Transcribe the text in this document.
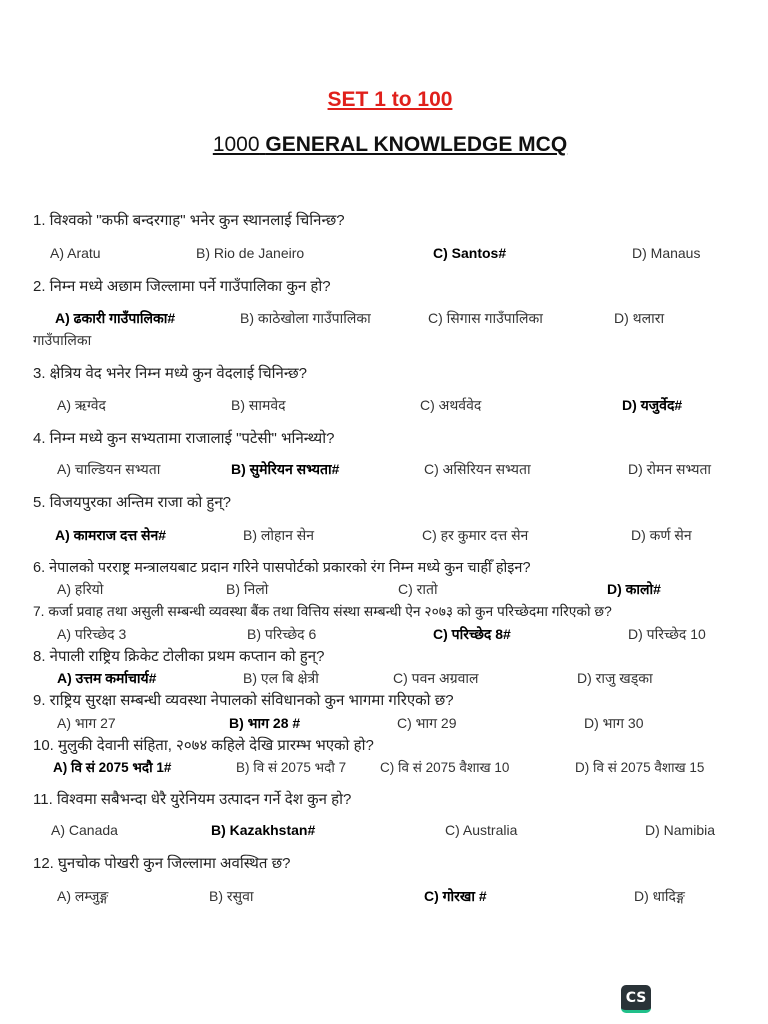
SET 1 to 100
1000 GENERAL KNOWLEDGE MCQ
1. विश्वको "कफी बन्दरगाह" भनेर कुन स्थानलाई चिनिन्छ?
A) Aratu	B) Rio de Janeiro	C) Santos#	D) Manaus
2. निम्न मध्ये अछाम जिल्लामा पर्ने गाउँपालिका कुन हो?
A) ढकारी गाउँपालिका#	B) काठेखोला गाउँपालिका	C) सिगास गाउँपालिका	D) थलारा
गाउँपालिका
3. क्षेत्रिय वेद भनेर निम्न मध्ये कुन वेदलाई चिनिन्छ?
A) ऋग्वेद	B) सामवेद	C) अथर्ववेद	D) यजुर्वेद#
4. निम्न मध्ये कुन सभ्यतामा राजालाई "पटेसी" भनिन्थ्यो?
A) चाल्डियन सभ्यता	B) सुमेरियन सभ्यता#	C) असिरियन सभ्यता	D) रोमन सभ्यता
5. विजयपुरका अन्तिम राजा को हुन्?
A) कामराज दत्त सेन#	B) लोहान सेन	C) हर कुमार दत्त सेन	D) कर्ण सेन
6. नेपालको परराष्ट्र मन्त्रालयबाट प्रदान गरिने पासपोर्टको प्रकारको रंग निम्न मध्ये कुन चाहीँ होइन?
A) हरियो	B) निलो	C) रातो	D) कालो#
7. कर्जा प्रवाह तथा असुली सम्बन्धी व्यवस्था बैंक तथा वित्तिय संस्था सम्बन्धी ऐन २०७३ को कुन परिच्छेदमा गरिएको छ?
A) परिच्छेद 3	B) परिच्छेद 6	C) परिच्छेद 8#	D) परिच्छेद 10
8. नेपाली राष्ट्रिय क्रिकेट टोलीका प्रथम कप्तान को हुन्?
A) उत्तम कर्माचार्य#	B) एल बि क्षेत्री	C) पवन अग्रवाल	D) राजु खड्का
9. राष्ट्रिय सुरक्षा सम्बन्धी व्यवस्था नेपालको संविधानको कुन भागमा गरिएको छ?
A) भाग 27	B) भाग 28 #	C) भाग 29	D) भाग 30
10. मुलुकी देवानी संहिता, २०७४ कहिले देखि प्रारम्भ भएको हो?
A) वि सं 2075 भदौ 1#	B) वि सं 2075 भदौ 7	C) वि सं 2075 वैशाख 10	D) वि सं 2075 वैशाख 15
11. विश्वमा सबैभन्दा धेरै युरेनियम उत्पादन गर्ने देश कुन हो?
A) Canada	B) Kazakhstan#	C) Australia	D) Namibia
12. घुनचोक पोखरी कुन जिल्लामा अवस्थित छ?
A) लम्जुङ्ग	B) रसुवा	C) गोरखा #	D) धादिङ्ग
CS
